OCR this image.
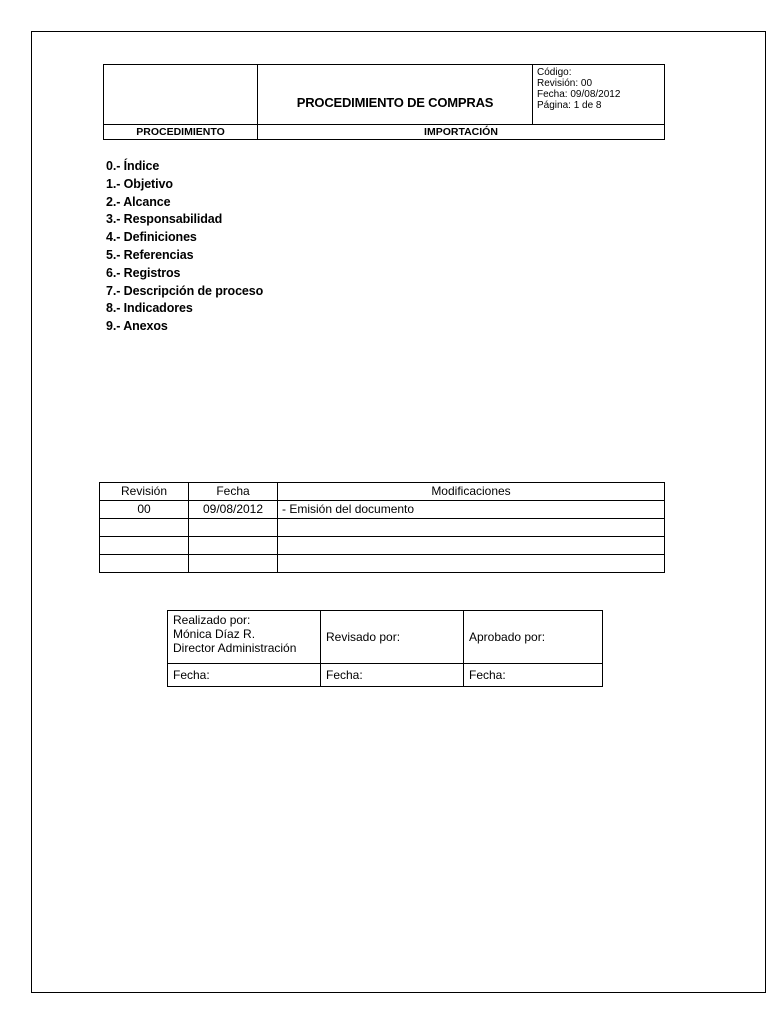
	PROCEDIMIENTO DE COMPRAS	Código:
Revisión: 00
Fecha: 09/08/2012
Página: 1 de 8

PROCEDIMIENTO	IMPORTACIÓN	
0.- Índice
1.- Objetivo
2.- Alcance
3.- Responsabilidad
4.- Definiciones
5.- Referencias
6.- Registros
7.- Descripción de proceso
8.- Indicadores
9.- Anexos
Revisión	Fecha	Modificaciones
00	09/08/2012	- Emisión del documento

Realizado por:
Mónica Díaz R.
Director Administración	Revisado por:	Aprobado por:
Fecha:	Fecha:	Fecha:
